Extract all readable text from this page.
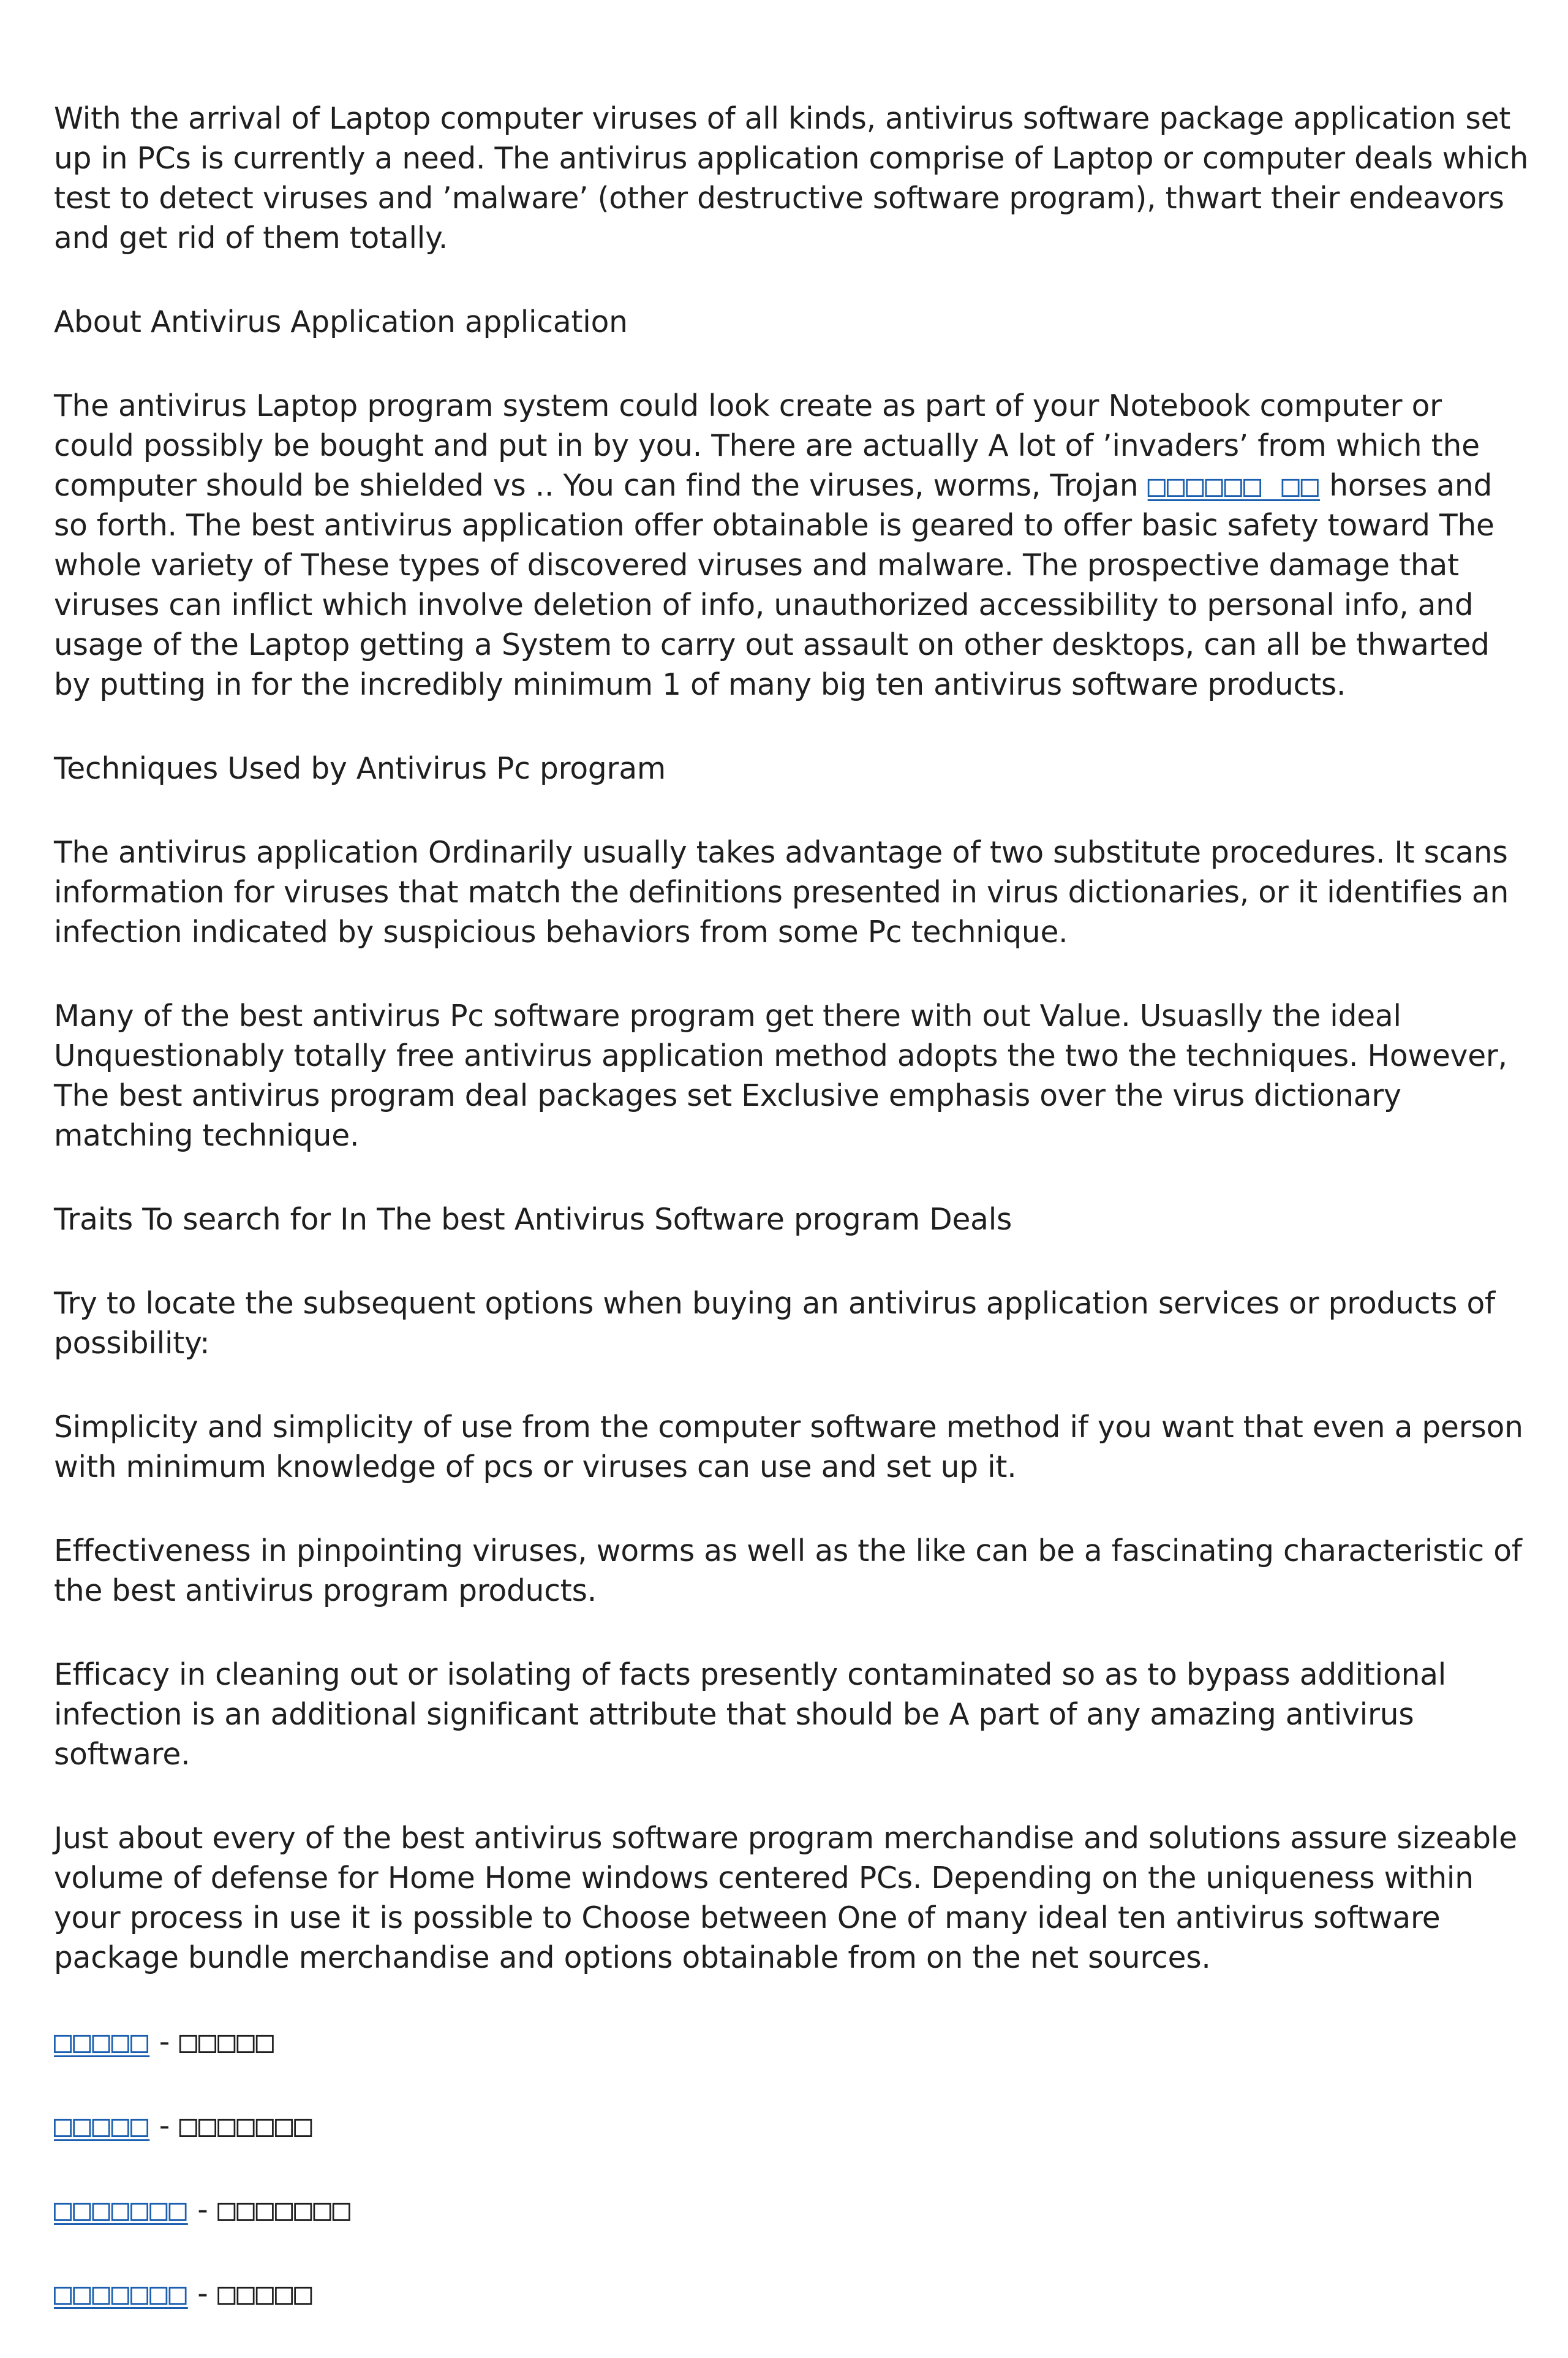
With the arrival of Laptop computer viruses of all kinds, antivirus software package application set up in PCs is currently a need. The antivirus application comprise of Laptop or computer deals which test to detect viruses and ’malware’ (other destructive software program), thwart their endeavors and get rid of them totally.

About Antivirus Application application

The antivirus Laptop program system could look create as part of your Notebook computer or could possibly be bought and put in by you. There are actually A lot of ’invaders’ from which the computer should be shielded vs .. You can find the viruses, worms, Trojan □□□□□□ □□ horses and so forth. The best antivirus application offer obtainable is geared to offer basic safety toward The whole variety of These types of discovered viruses and malware. The prospective damage that viruses can inflict which involve deletion of info, unauthorized accessibility to personal info, and usage of the Laptop getting a System to carry out assault on other desktops, can all be thwarted by putting in for the incredibly minimum 1 of many big ten antivirus software products.

Techniques Used by Antivirus Pc program

The antivirus application Ordinarily usually takes advantage of two substitute procedures. It scans information for viruses that match the definitions presented in virus dictionaries, or it identifies an infection indicated by suspicious behaviors from some Pc technique.

Many of the best antivirus Pc software program get there with out Value. Usuaslly the ideal Unquestionably totally free antivirus application method adopts the two the techniques. However, The best antivirus program deal packages set Exclusive emphasis over the virus dictionary matching technique.

Traits To search for In The best Antivirus Software program Deals

Try to locate the subsequent options when buying an antivirus application services or products of possibility:

Simplicity and simplicity of use from the computer software method if you want that even a person with minimum knowledge of pcs or viruses can use and set up it.

Effectiveness in pinpointing viruses, worms as well as the like can be a fascinating characteristic of the best antivirus program products.

Efficacy in cleaning out or isolating of facts presently contaminated so as to bypass additional infection is an additional significant attribute that should be A part of any amazing antivirus software.

Just about every of the best antivirus software program merchandise and solutions assure sizeable volume of defense for Home Home windows centered PCs. Depending on the uniqueness within your process in use it is possible to Choose between One of many ideal ten antivirus software package bundle merchandise and options obtainable from on the net sources.

□□□□□ - □□□□□

□□□□□ - □□□□□□□

□□□□□□□ - □□□□□□□

□□□□□□□ - □□□□□
